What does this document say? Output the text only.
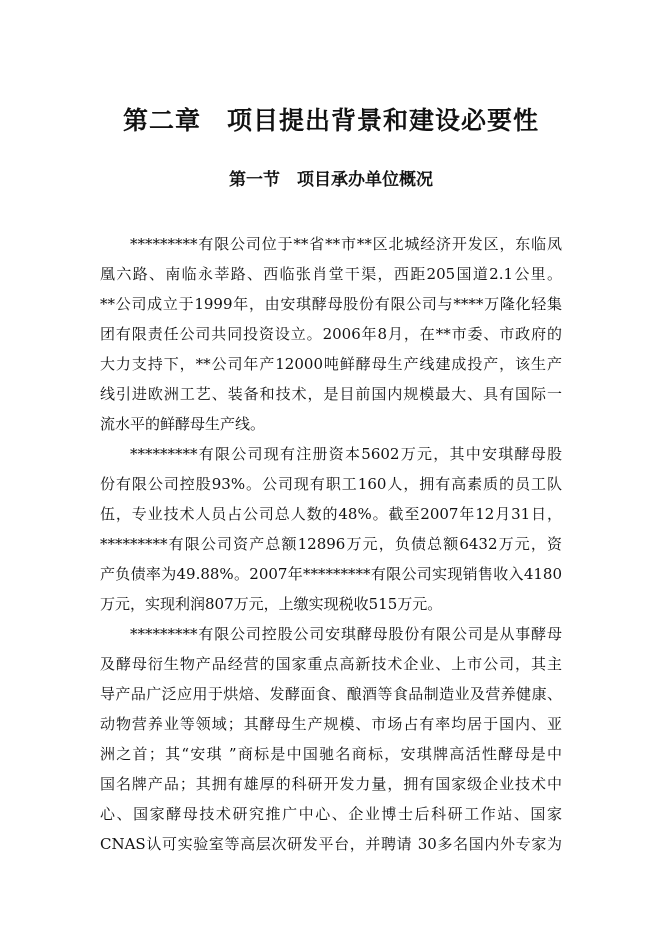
第二章　项目提出背景和建设必要性
第一节　项目承办单位概况
*********有限公司位于**省**市**区北城经济开发区，东临凤
凰六路、南临永莘路、西临张肖堂干渠，西距205国道2.1公里。
**公司成立于1999年，由安琪酵母股份有限公司与****万隆化轻集
团有限责任公司共同投资设立。2006年8月，在**市委、市政府的
大力支持下，**公司年产12000吨鲜酵母生产线建成投产，该生产
线引进欧洲工艺、装备和技术，是目前国内规模最大、具有国际一
流水平的鲜酵母生产线。
*********有限公司现有注册资本5602万元，其中安琪酵母股
份有限公司控股93%。公司现有职工160人，拥有高素质的员工队
伍，专业技术人员占公司总人数的48%。截至2007年12月31日，
*********有限公司资产总额12896万元，负债总额6432万元，资
产负债率为49.88%。2007年*********有限公司实现销售收入4180
万元，实现利润807万元，上缴实现税收515万元。
*********有限公司控股公司安琪酵母股份有限公司是从事酵母
及酵母衍生物产品经营的国家重点高新技术企业、上市公司，其主
导产品广泛应用于烘焙、发酵面食、酿酒等食品制造业及营养健康、
动物营养业等领域；其酵母生产规模、市场占有率均居于国内、亚
洲之首；其“安琪 ”商标是中国驰名商标，安琪牌高活性酵母是中
国名牌产品；其拥有雄厚的科研开发力量，拥有国家级企业技术中
心、国家酵母技术研究推广中心、企业博士后科研工作站、国家
CNAS认可实验室等高层次研发平台，并聘请 30多名国内外专家为
